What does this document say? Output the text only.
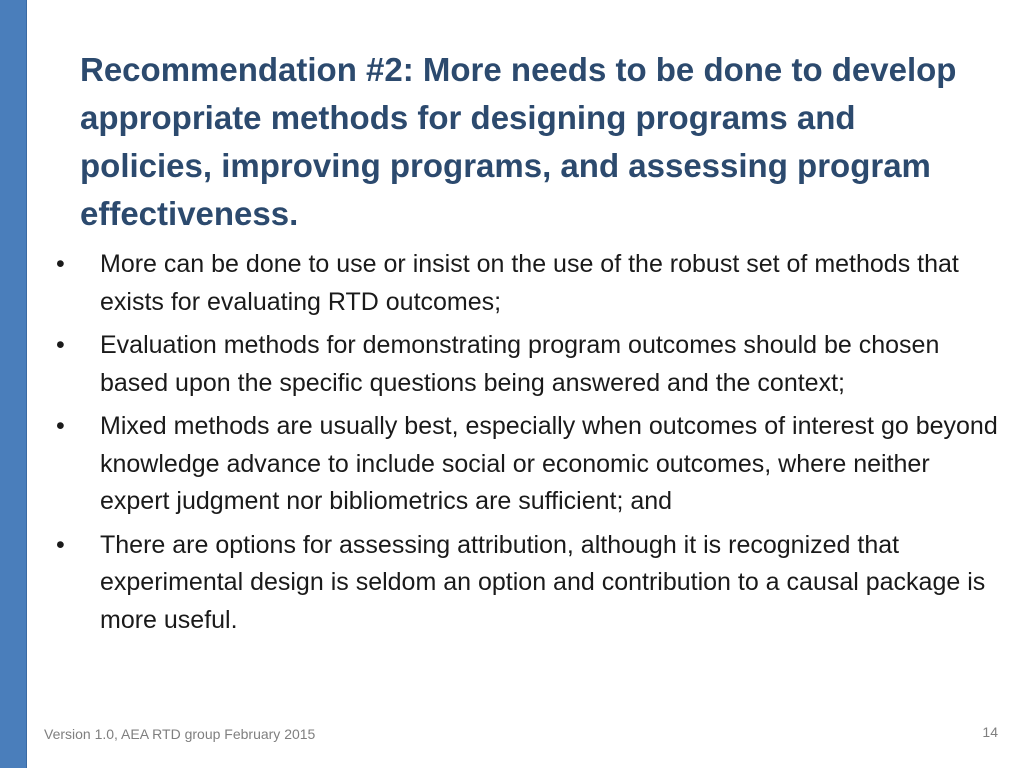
Recommendation #2: More needs to be done to develop appropriate methods for designing programs and policies, improving programs, and assessing program effectiveness.
•	More can be done to use or insist on the use of the robust set of methods that exists for evaluating RTD outcomes;
•	Evaluation methods for demonstrating program outcomes should be chosen based upon the specific questions being answered and the context;
•	Mixed methods are usually best, especially when outcomes of interest go beyond knowledge advance to include social or economic outcomes, where neither expert judgment nor bibliometrics are sufficient; and
•	There are options for assessing attribution, although it is recognized that experimental design is seldom an option and contribution to a causal package is more useful.
Version 1.0, AEA RTD group February 2015	14
